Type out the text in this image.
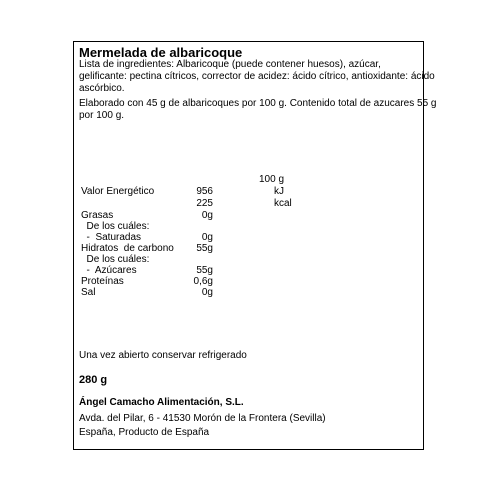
Mermelada de albaricoque
Lista de ingredientes: Albaricoque (puede contener huesos), azúcar,
gelificante: pectina cítricos, corrector de acidez: ácido cítrico, antioxidante: ácido
ascórbico.
Elaborado con 45 g de albaricoques por 100 g. Contenido total de azucares 55 g
por 100 g.
100 g
Valor Energético	956	kJ
225	kcal
Grasas	0g
De los cuáles:
-  Saturadas	0g
Hidratos  de carbono 55g
De los cuáles:
-  Azúcares	55g
Proteínas	0,6g
Sal	0g
Una vez abierto conservar refrigerado
280 g
Ángel Camacho Alimentación, S.L.
Avda. del Pilar, 6 - 41530 Morón de la Frontera (Sevilla)
España, Producto de España
